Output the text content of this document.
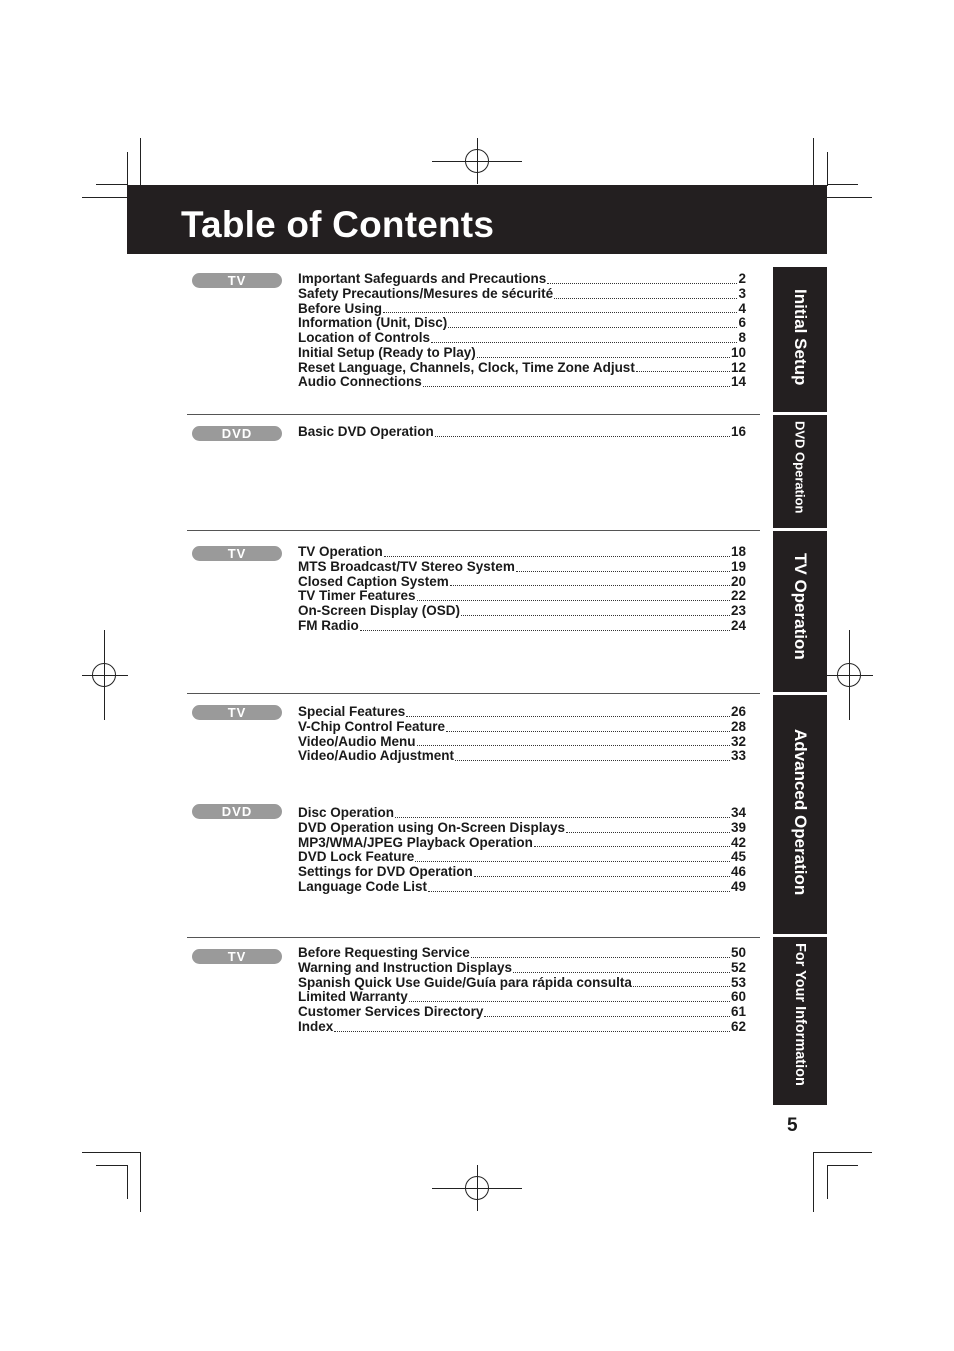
Table of Contents
TV	Important Safeguards and Precautions	2
Safety Precautions/Mesures de sécurité	3
Before Using	4
Information (Unit, Disc)	6
Location of Controls	8
Initial Setup (Ready to Play)	10
Reset Language, Channels, Clock, Time Zone Adjust	12
Audio Connections	14
DVD	Basic DVD Operation	16
TV	TV Operation	18
MTS Broadcast/TV Stereo System	19
Closed Caption System	20
TV Timer Features	22
On-Screen Display (OSD)	23
FM Radio	24
TV	Special Features	26
V-Chip Control Feature	28
Video/Audio Menu	32
Video/Audio Adjustment	33
DVD	Disc Operation	34
DVD Operation using On-Screen Displays	39
MP3/WMA/JPEG Playback Operation	42
DVD Lock Feature	45
Settings for DVD Operation	46
Language Code List	49
TV	Before Requesting Service	50
Warning and Instruction Displays	52
Spanish Quick Use Guide/Guía para rápida consulta	53
Limited Warranty	60
Customer Services Directory	61
Index	62
Initial Setup
DVD Operation
TV Operation
Advanced Operation
For Your Information
5
